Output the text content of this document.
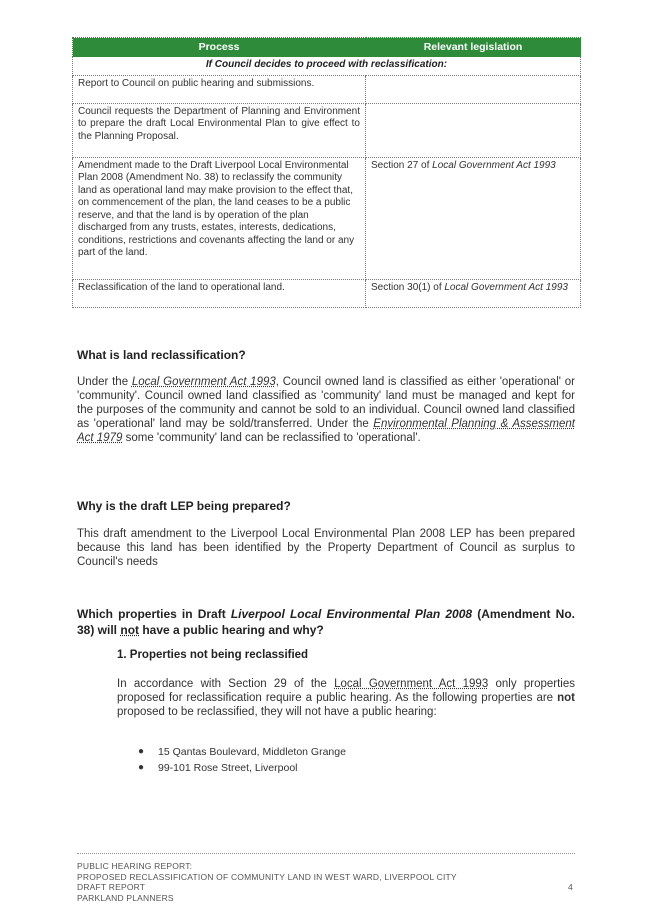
Process	Relevant legislation
If Council decides to proceed with reclassification:	
Report to Council on public hearing and submissions.	
Council requests the Department of Planning and Environment to prepare the draft Local Environmental Plan to give effect to the Planning Proposal.	
Amendment made to the Draft Liverpool Local Environmental Plan 2008 (Amendment No. 38) to reclassify the community land as operational land may make provision to the effect that, on commencement of the plan, the land ceases to be a public reserve, and that the land is by operation of the plan discharged from any trusts, estates, interests, dedications, conditions, restrictions and covenants affecting the land or any part of the land.	Section 27 of Local Government Act 1993
Reclassification of the land to operational land.	Section 30(1) of Local Government Act 1993
What is land reclassification?

Under the Local Government Act 1993, Council owned land is classified as either 'operational' or 'community'. Council owned land classified as 'community' land must be managed and kept for the purposes of the community and cannot be sold to an individual. Council owned land classified as 'operational' land may be sold/transferred. Under the Environmental Planning & Assessment Act 1979 some 'community' land can be reclassified to 'operational'.

Why is the draft LEP being prepared?

This draft amendment to the Liverpool Local Environmental Plan 2008 LEP has been prepared because this land has been identified by the Property Department of Council as surplus to Council's needs

Which properties in Draft Liverpool Local Environmental Plan 2008 (Amendment No. 38) will not have a public hearing and why?
1. Properties not being reclassified

In accordance with Section 29 of the Local Government Act 1993 only properties proposed for reclassification require a public hearing. As the following properties are not proposed to be reclassified, they will not have a public hearing:

● 15 Qantas Boulevard, Middleton Grange
● 99-101 Rose Street, Liverpool
PUBLIC HEARING REPORT:
PROPOSED RECLASSIFICATION OF COMMUNITY LAND IN WEST WARD, LIVERPOOL CITY
DRAFT REPORT
PARKLAND PLANNERS
4
